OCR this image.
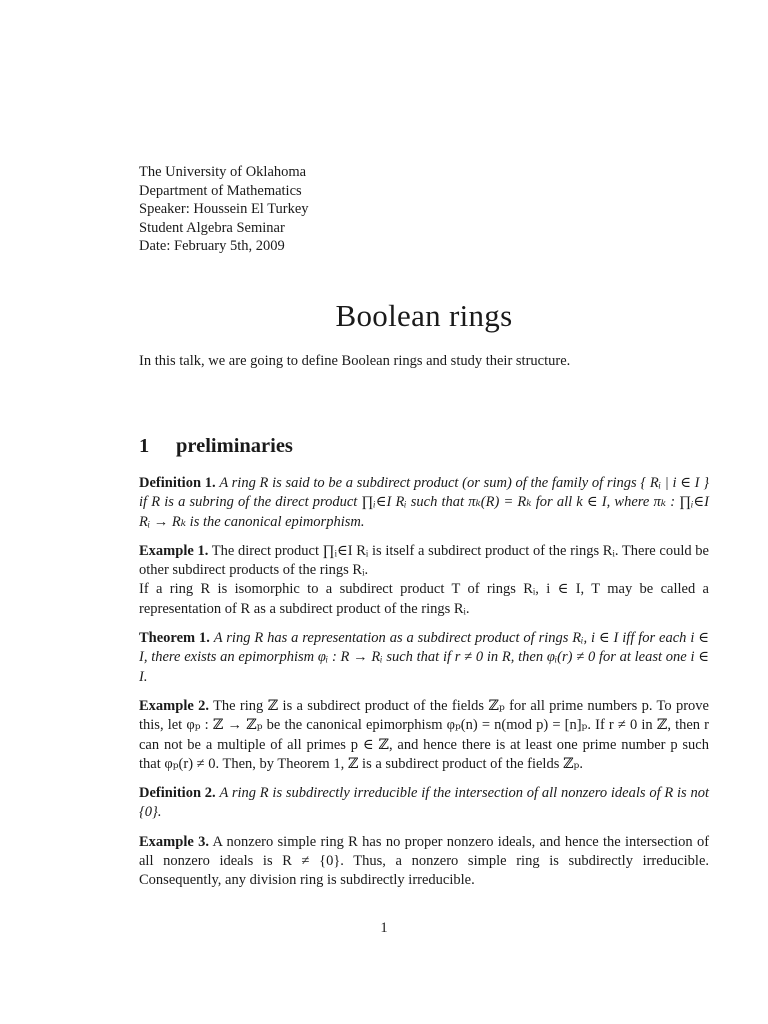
The University of Oklahoma
Department of Mathematics
Speaker: Houssein El Turkey
Student Algebra Seminar
Date: February 5th, 2009
Boolean rings
In this talk, we are going to define Boolean rings and study their structure.
1 preliminaries
Definition 1. A ring R is said to be a subdirect product (or sum) of the family of rings { Rᵢ | i ∈ I } if R is a subring of the direct product ∏ᵢ∈I Rᵢ such that πₖ(R) = Rₖ for all k ∈ I, where πₖ : ∏ᵢ∈I Rᵢ → Rₖ is the canonical epimorphism.
Example 1. The direct product ∏ᵢ∈I Rᵢ is itself a subdirect product of the rings Rᵢ. There could be other subdirect products of the rings Rᵢ.
If a ring R is isomorphic to a subdirect product T of rings Rᵢ, i ∈ I, T may be called a representation of R as a subdirect product of the rings Rᵢ.
Theorem 1. A ring R has a representation as a subdirect product of rings Rᵢ, i ∈ I iff for each i ∈ I, there exists an epimorphism φᵢ : R → Rᵢ such that if r ≠ 0 in R, then φᵢ(r) ≠ 0 for at least one i ∈ I.
Example 2. The ring ℤ is a subdirect product of the fields ℤₚ for all prime numbers p. To prove this, let φₚ : ℤ → ℤₚ be the canonical epimorphism φₚ(n) = n(mod p) = [n]ₚ. If r ≠ 0 in ℤ, then r can not be a multiple of all primes p ∈ ℤ, and hence there is at least one prime number p such that φₚ(r) ≠ 0. Then, by Theorem 1, ℤ is a subdirect product of the fields ℤₚ.
Definition 2. A ring R is subdirectly irreducible if the intersection of all nonzero ideals of R is not {0}.
Example 3. A nonzero simple ring R has no proper nonzero ideals, and hence the intersection of all nonzero ideals is R ≠ {0}. Thus, a nonzero simple ring is subdirectly irreducible. Consequently, any division ring is subdirectly irreducible.
1
